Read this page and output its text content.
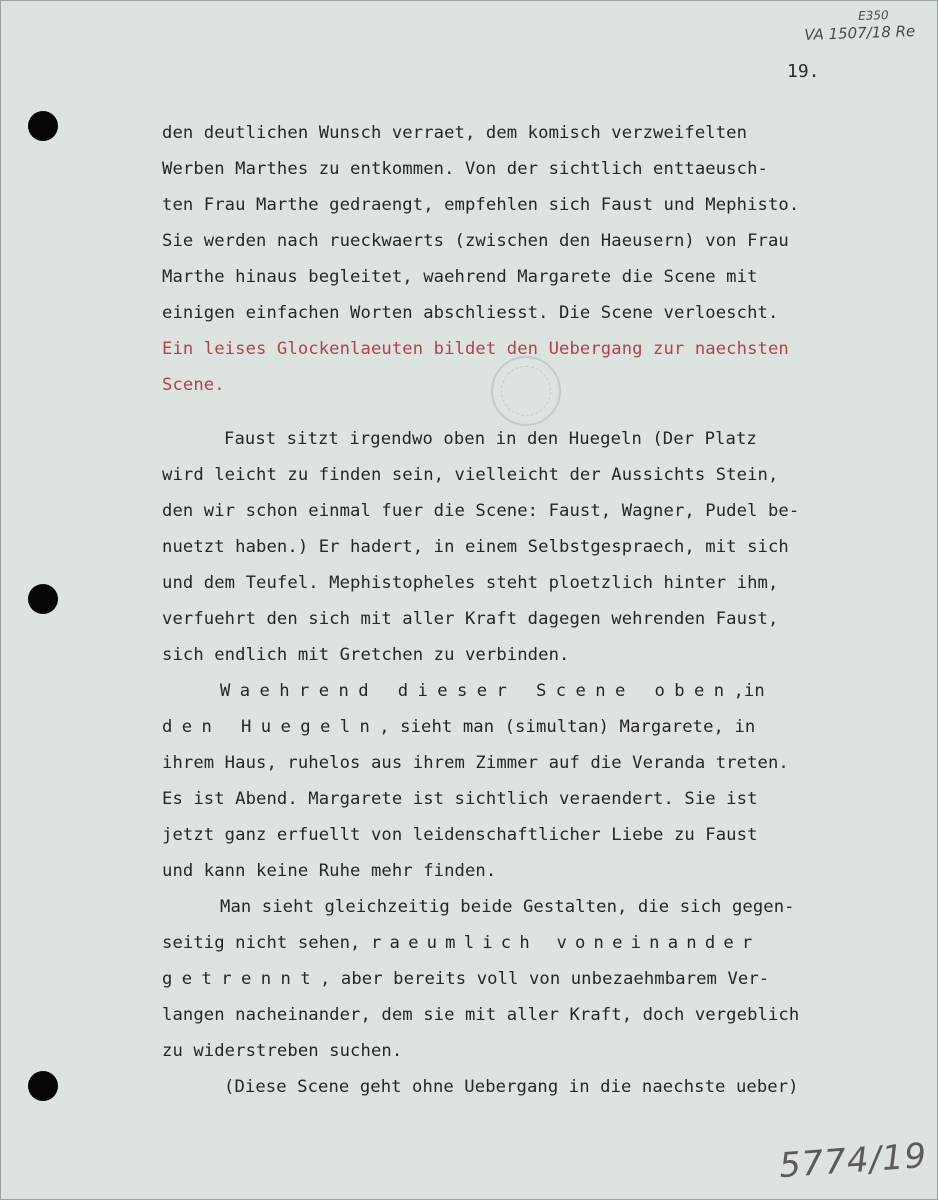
E350
VA 1507/18 Re
19.
den deutlichen Wunsch verraet, dem komisch verzweifelten
Werben Marthes zu entkommen. Von der sichtlich enttaeusch-
ten Frau Marthe gedraengt, empfehlen sich Faust und Mephisto.
Sie werden nach rueckwaerts (zwischen den Haeusern) von Frau
Marthe hinaus begleitet, waehrend Margarete die Scene mit
einigen einfachen Worten abschliesst. Die Scene verloescht.
Ein leises Glockenlaeuten bildet den Uebergang zur naechsten
Scene.
Faust sitzt irgendwo oben in den Huegeln (Der Platz
wird leicht zu finden sein, vielleicht der Aussichts Stein,
den wir schon einmal fuer die Scene: Faust, Wagner, Pudel be-
nuetzt haben.) Er hadert, in einem Selbstgespraech, mit sich
und dem Teufel. Mephistopheles steht ploetzlich hinter ihm,
verfuehrt den sich mit aller Kraft dagegen wehrenden Faust,
sich endlich mit Gretchen zu verbinden.
Waehrend dieser Scene oben,in
den Huegeln, sieht man (simultan) Margarete, in
ihrem Haus, ruhelos aus ihrem Zimmer auf die Veranda treten.
Es ist Abend. Margarete ist sichtlich veraendert. Sie ist
jetzt ganz erfuellt von leidenschaftlicher Liebe zu Faust
und kann keine Ruhe mehr finden.
Man sieht gleichzeitig beide Gestalten, die sich gegen-
seitig nicht sehen, raeumlich voneinander
getrennt, aber bereits voll von unbezaehmbarem Ver-
langen nacheinander, dem sie mit aller Kraft, doch vergeblich
zu widerstreben suchen.
(Diese Scene geht ohne Uebergang in die naechste ueber)
5774/19
